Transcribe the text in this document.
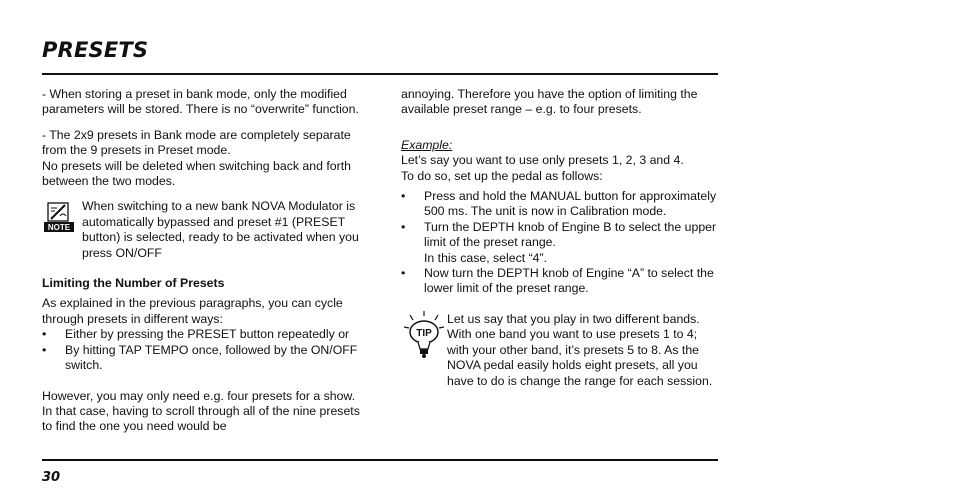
PRESETS

- When storing a preset in bank mode, only the modified parameters will be stored. There is no “overwrite” function.

- The 2x9 presets in Bank mode are completely separate from the 9 presets in Preset mode.

No presets will be deleted when switching back and forth between the two modes.

NOTE

When switching to a new bank NOVA Modulator is automatically bypassed and preset #1 (PRESET button) is selected, ready to be activated when you press ON/OFF

Limiting the Number of Presets

As explained in the previous paragraphs, you can cycle through presets in different ways:

• Either by pressing the PRESET button repeatedly or
• By hitting TAP TEMPO once, followed by the ON/OFF switch.

However, you may only need e.g. four presets for a show. In that case, having to scroll through all of the nine presets to find the one you need would be

annoying. Therefore you have the option of limiting the available preset range – e.g. to four presets.

Example:

Let’s say you want to use only presets 1, 2, 3 and 4.

To do so, set up the pedal as follows:

• Press and hold the MANUAL button for approximately 500 ms. The unit is now in Calibration mode.
• Turn the DEPTH knob of Engine B to select the upper limit of the preset range.
In this case, select “4”.
• Now turn the DEPTH knob of Engine “A” to select the lower limit of the preset range.
TIP

Let us say that you play in two different bands. With one band you want to use presets 1 to 4; with your other band, it’s presets 5 to 8. As the NOVA pedal easily holds eight presets, all you have to do is change the range for each session.

30
